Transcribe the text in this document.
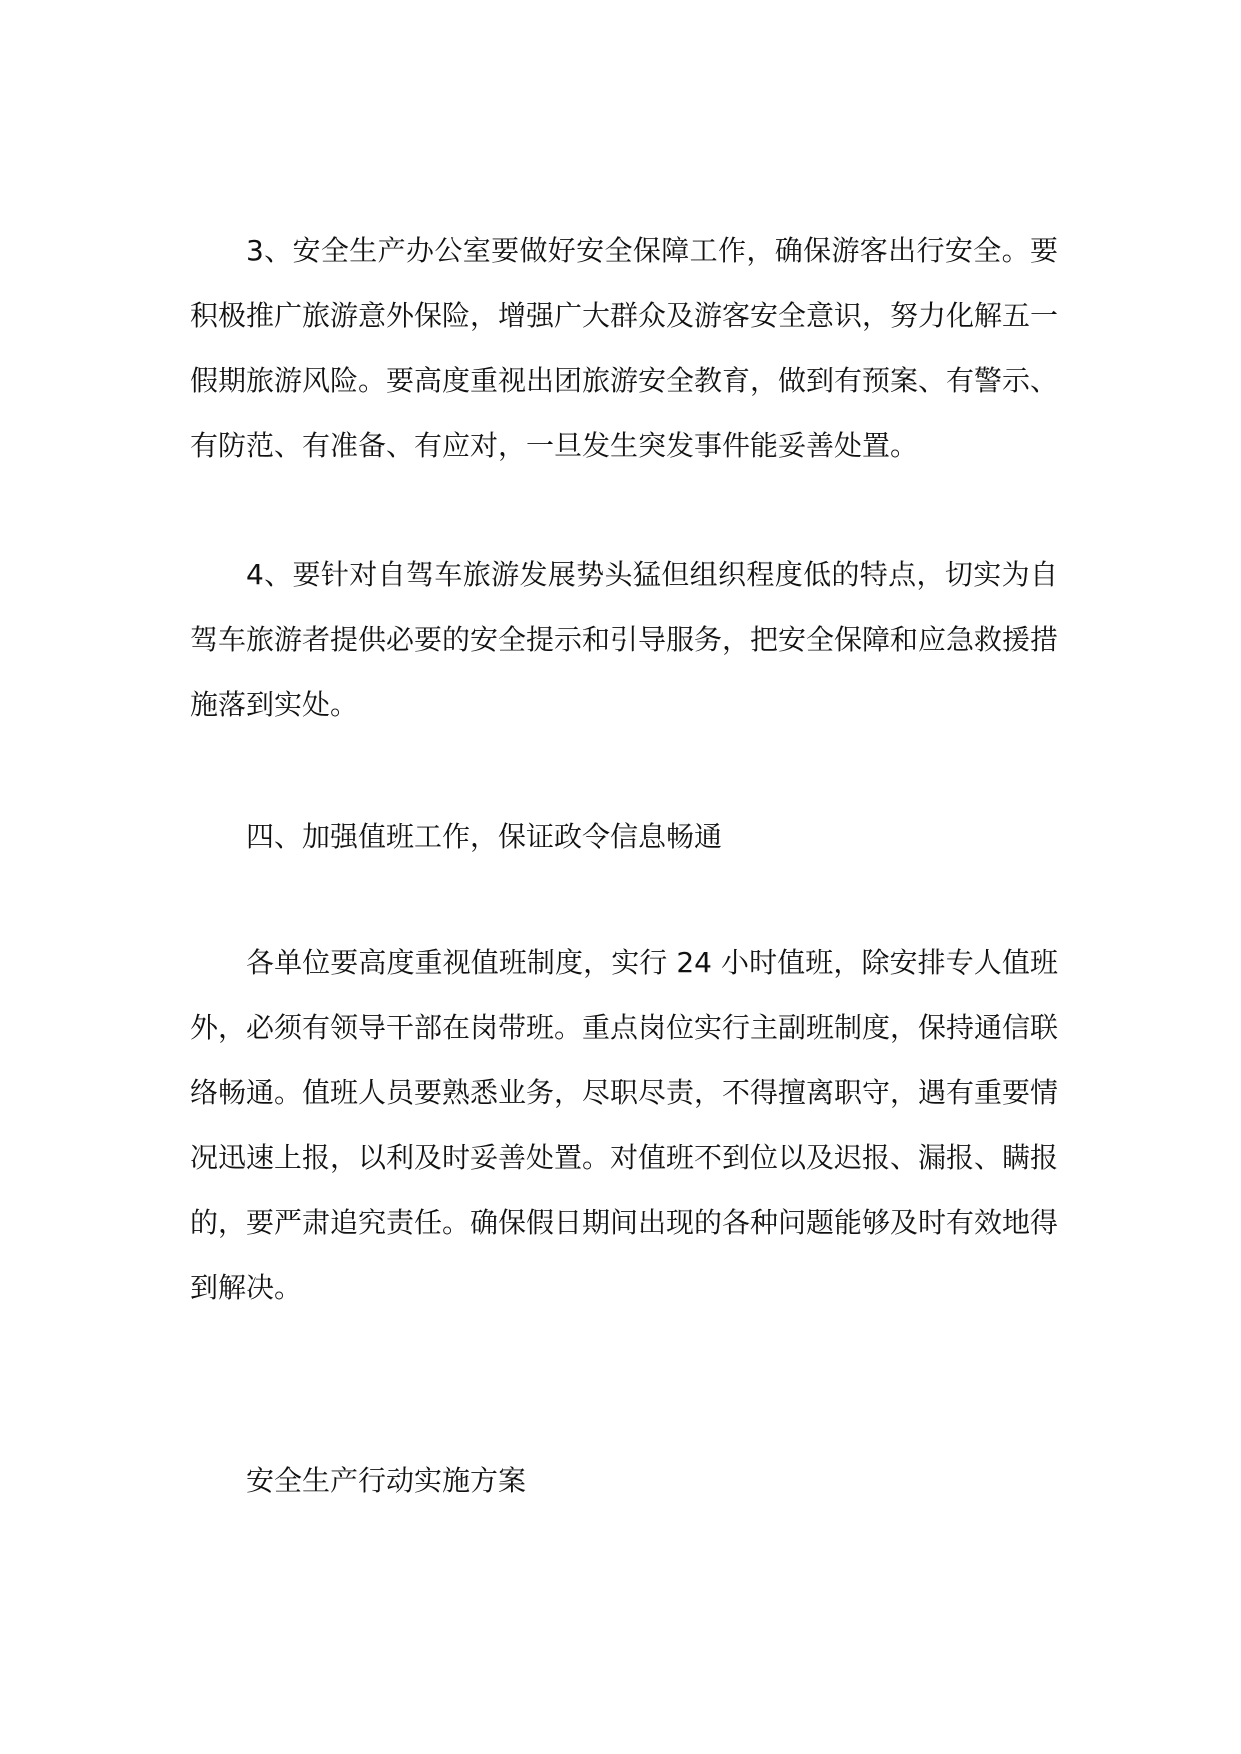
3、安全生产办公室要做好安全保障工作，确保游客出行安全。要积极推广旅游意外保险，增强广大群众及游客安全意识，努力化解五一假期旅游风险。要高度重视出团旅游安全教育，做到有预案、有警示、有防范、有准备、有应对，一旦发生突发事件能妥善处置。

4、要针对自驾车旅游发展势头猛但组织程度低的特点，切实为自驾车旅游者提供必要的安全提示和引导服务，把安全保障和应急救援措施落到实处。

四、加强值班工作，保证政令信息畅通

各单位要高度重视值班制度，实行 24 小时值班，除安排专人值班外，必须有领导干部在岗带班。重点岗位实行主副班制度，保持通信联络畅通。值班人员要熟悉业务，尽职尽责，不得擅离职守，遇有重要情况迅速上报，以利及时妥善处置。对值班不到位以及迟报、漏报、瞒报的，要严肃追究责任。确保假日期间出现的各种问题能够及时有效地得到解决。

安全生产行动实施方案
